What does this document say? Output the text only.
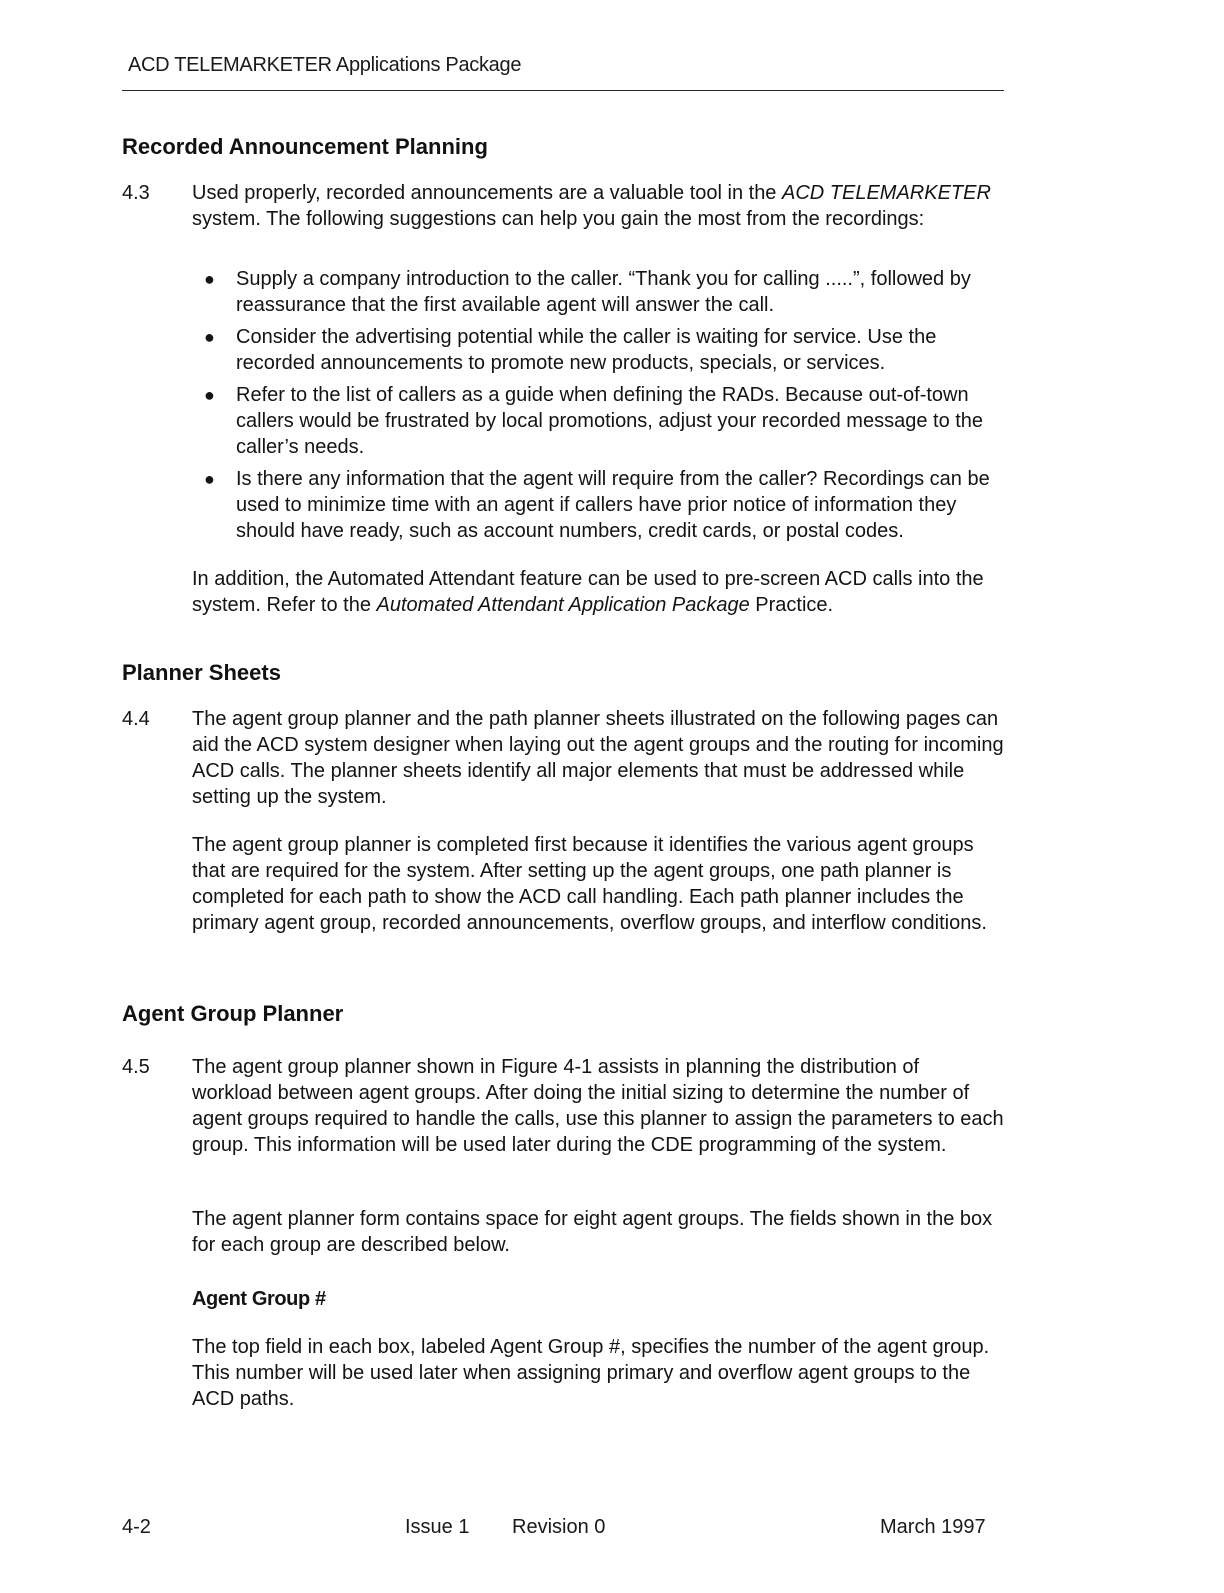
ACD TELEMARKETER Applications Package
Recorded Announcement Planning
4.3 Used properly, recorded announcements are a valuable tool in the ACD TELEMARKETER system. The following suggestions can help you gain the most from the recordings:
● Supply a company introduction to the caller. “Thank you for calling .....”, followed by reassurance that the first available agent will answer the call.
● Consider the advertising potential while the caller is waiting for service. Use the recorded announcements to promote new products, specials, or services.
● Refer to the list of callers as a guide when defining the RADs. Because out-of-town callers would be frustrated by local promotions, adjust your recorded message to the caller’s needs.
● Is there any information that the agent will require from the caller? Recordings can be used to minimize time with an agent if callers have prior notice of information they should have ready, such as account numbers, credit cards, or postal codes.
In addition, the Automated Attendant feature can be used to pre-screen ACD calls into the system. Refer to the Automated Attendant Application Package Practice.
Planner Sheets
4.4 The agent group planner and the path planner sheets illustrated on the following pages can aid the ACD system designer when laying out the agent groups and the routing for incoming ACD calls. The planner sheets identify all major elements that must be addressed while setting up the system.
The agent group planner is completed first because it identifies the various agent groups that are required for the system. After setting up the agent groups, one path planner is completed for each path to show the ACD call handling. Each path planner includes the primary agent group, recorded announcements, overflow groups, and interflow conditions.
Agent Group Planner
4.5 The agent group planner shown in Figure 4-1 assists in planning the distribution of workload between agent groups. After doing the initial sizing to determine the number of agent groups required to handle the calls, use this planner to assign the parameters to each group. This information will be used later during the CDE programming of the system.
The agent planner form contains space for eight agent groups. The fields shown in the box for each group are described below.
Agent Group #
The top field in each box, labeled Agent Group #, specifies the number of the agent group. This number will be used later when assigning primary and overflow agent groups to the ACD paths.
4-2	Issue 1 Revision 0	March 1997
